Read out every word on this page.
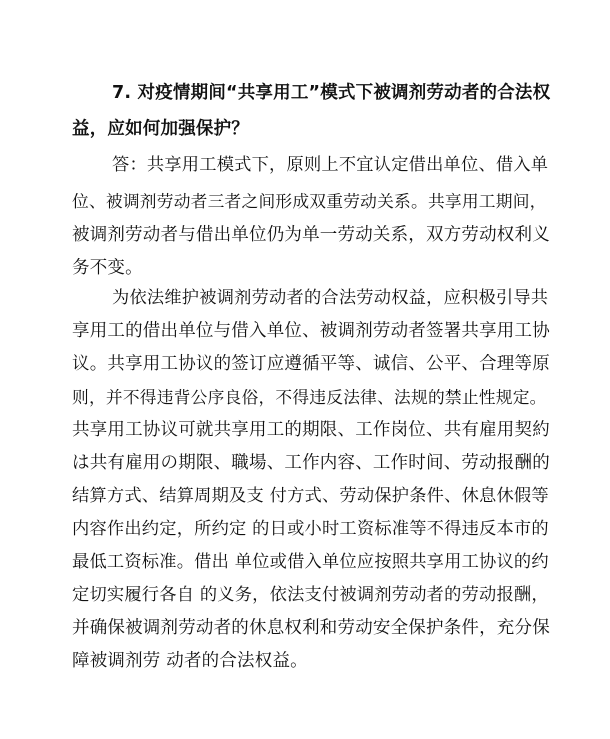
7. 对疫情期间“共享用工”模式下被调剂劳动者的合法权
益，应如何加强保护？
答：共享用工模式下，原则上不宜认定借出单位、借入单
位、被调剂劳动者三者之间形成双重劳动关系。共享用工期间，
被调剂劳动者与借出单位仍为单一劳动关系，双方劳动权利义
务不变。
为依法维护被调剂劳动者的合法劳动权益，应积极引导共
享用工的借出单位与借入单位、被调剂劳动者签署共享用工协
议。共享用工协议的签订应遵循平等、诚信、公平、合理等原
则，并不得违背公序良俗，不得违反法律、法规的禁止性规定。
共享用工协议可就共享用工的期限、工作岗位、共有雇用契約
は共有雇用の期限、職場、工作内容、工作时间、劳动报酬的
结算方式、结算周期及支 付方式、劳动保护条件、休息休假等
内容作出约定，所约定 的日或小时工资标准等不得违反本市的
最低工资标准。借出 单位或借入单位应按照共享用工协议的约
定切实履行各自 的义务，依法支付被调剂劳动者的劳动报酬，
并确保被调剂劳动者的休息权利和劳动安全保护条件，充分保
障被调剂劳 动者的合法权益。
